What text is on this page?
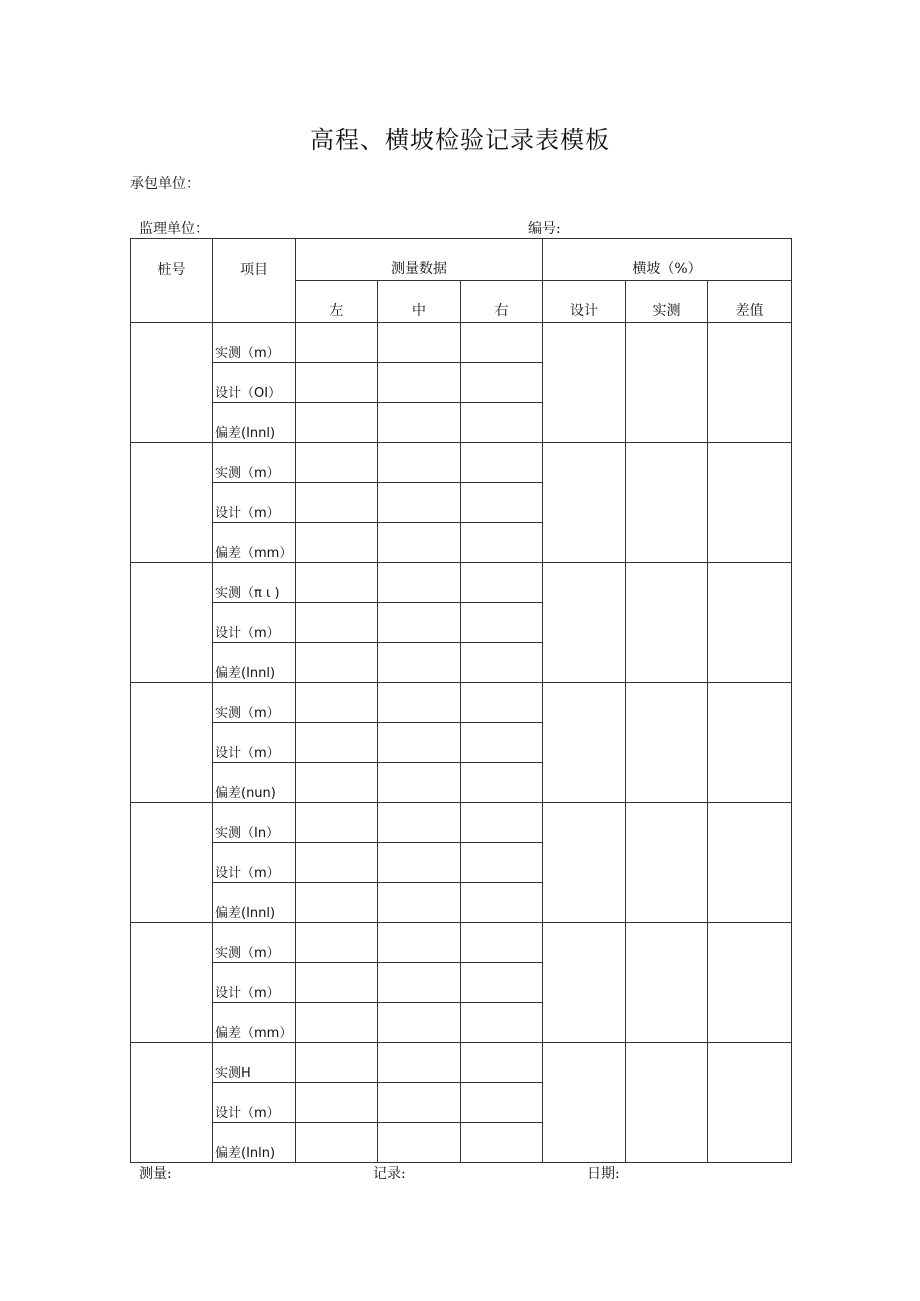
高程、横坡检验记录表模板
承包单位：
监理单位：	编号:
桩号	项目	测量数据			横坡（%）		
		左	中	右	设计	实测	差值
	实测（m）						
	设计（OI）						
	偏差(Innl)						
	实测（m）						
	设计（m）						
	偏差（mm）						
	实测（π ι )						
	设计（m）						
	偏差(Innl)						
	实测（m）						
	设计（m）						
	偏差(nun)						
	实测（In）						
	设计（m）						
	偏差(Innl)						
	实测（m）						
	设计（m）						
	偏差（mm）						
	实测H						
	设计（m）						
	偏差(Inln)						
测量:	记录:	日期:
